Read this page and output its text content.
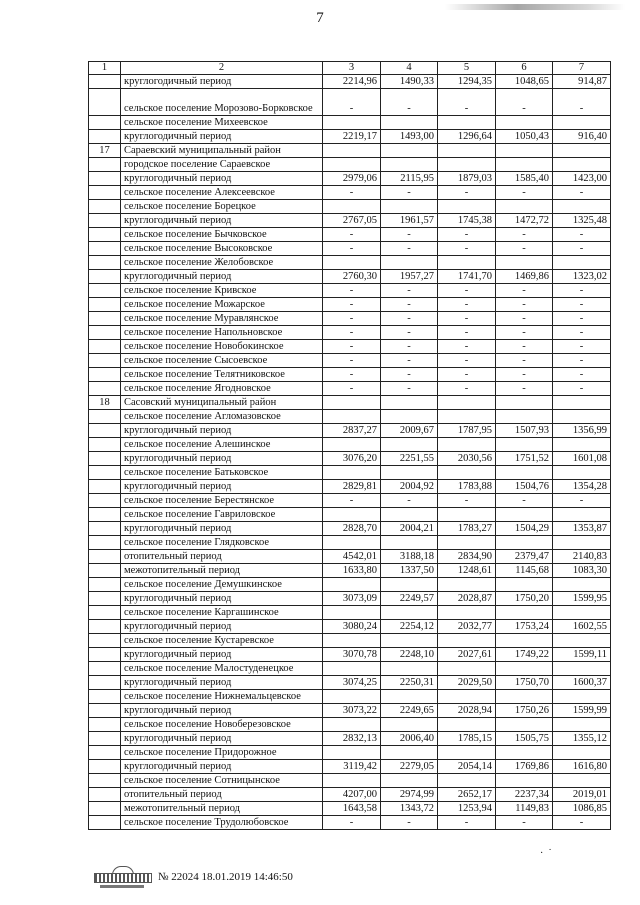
7
1	2	3	4	5	6	7
	круглогодичный период	2214,96	1490,33	1294,35	1048,65	914,87
	сельское поселение Морозово-Борковское	-	-	-	-	-
	сельское поселение Михеевское					
	круглогодичный период	2219,17	1493,00	1296,64	1050,43	916,40
17	Сараевский муниципальный район					
	городское поселение Сараевское					
	круглогодичный период	2979,06	2115,95	1879,03	1585,40	1423,00
	сельское поселение Алексеевское	-	-	-	-	-
	сельское поселение Борецкое					
	круглогодичный период	2767,05	1961,57	1745,38	1472,72	1325,48
	сельское поселение Бычковское	-	-	-	-	-
	сельское поселение Высоковское	-	-	-	-	-
	сельское поселение Желобовское					
	круглогодичный период	2760,30	1957,27	1741,70	1469,86	1323,02
	сельское поселение Кривское	-	-	-	-	-
	сельское поселение Можарское	-	-	-	-	-
	сельское поселение Муравлянское	-	-	-	-	-
	сельское поселение Напольновское	-	-	-	-	-
	сельское поселение Новобокинское	-	-	-	-	-
	сельское поселение Сысоевское	-	-	-	-	-
	сельское поселение Телятниковское	-	-	-	-	-
	сельское поселение Ягодновское	-	-	-	-	-
18	Сасовский муниципальный район					
	сельское поселение Агломазовское					
	круглогодичный период	2837,27	2009,67	1787,95	1507,93	1356,99
	сельское поселение Алешинское					
	круглогодичный период	3076,20	2251,55	2030,56	1751,52	1601,08
	сельское поселение Батьковское					
	круглогодичный период	2829,81	2004,92	1783,88	1504,76	1354,28
	сельское поселение Берестянское	-	-	-	-	-
	сельское поселение Гавриловское					
	круглогодичный период	2828,70	2004,21	1783,27	1504,29	1353,87
	сельское поселение Глядковское					
	отопительный период	4542,01	3188,18	2834,90	2379,47	2140,83
	межотопительный период	1633,80	1337,50	1248,61	1145,68	1083,30
	сельское поселение Демушкинское					
	круглогодичный период	3073,09	2249,57	2028,87	1750,20	1599,95
	сельское поселение Каргашинское					
	круглогодичный период	3080,24	2254,12	2032,77	1753,24	1602,55
	сельское поселение Кустаревское					
	круглогодичный период	3070,78	2248,10	2027,61	1749,22	1599,11
	сельское поселение Малостуденецкое					
	круглогодичный период	3074,25	2250,31	2029,50	1750,70	1600,37
	сельское поселение Нижнемальцевское					
	круглогодичный период	3073,22	2249,65	2028,94	1750,26	1599,99
	сельское поселение Новоберезовское					
	круглогодичный период	2832,13	2006,40	1785,15	1505,75	1355,12
	сельское поселение Придорожное					
	круглогодичный период	3119,42	2279,05	2054,14	1769,86	1616,80
	сельское поселение Сотницынское					
	отопительный период	4207,00	2974,99	2652,17	2237,34	2019,01
	межотопительный период	1643,58	1343,72	1253,94	1149,83	1086,85
	сельское поселение Трудолюбовское	-	-	-	-	-
·  ˙
№ 22024 18.01.2019 14:46:50
